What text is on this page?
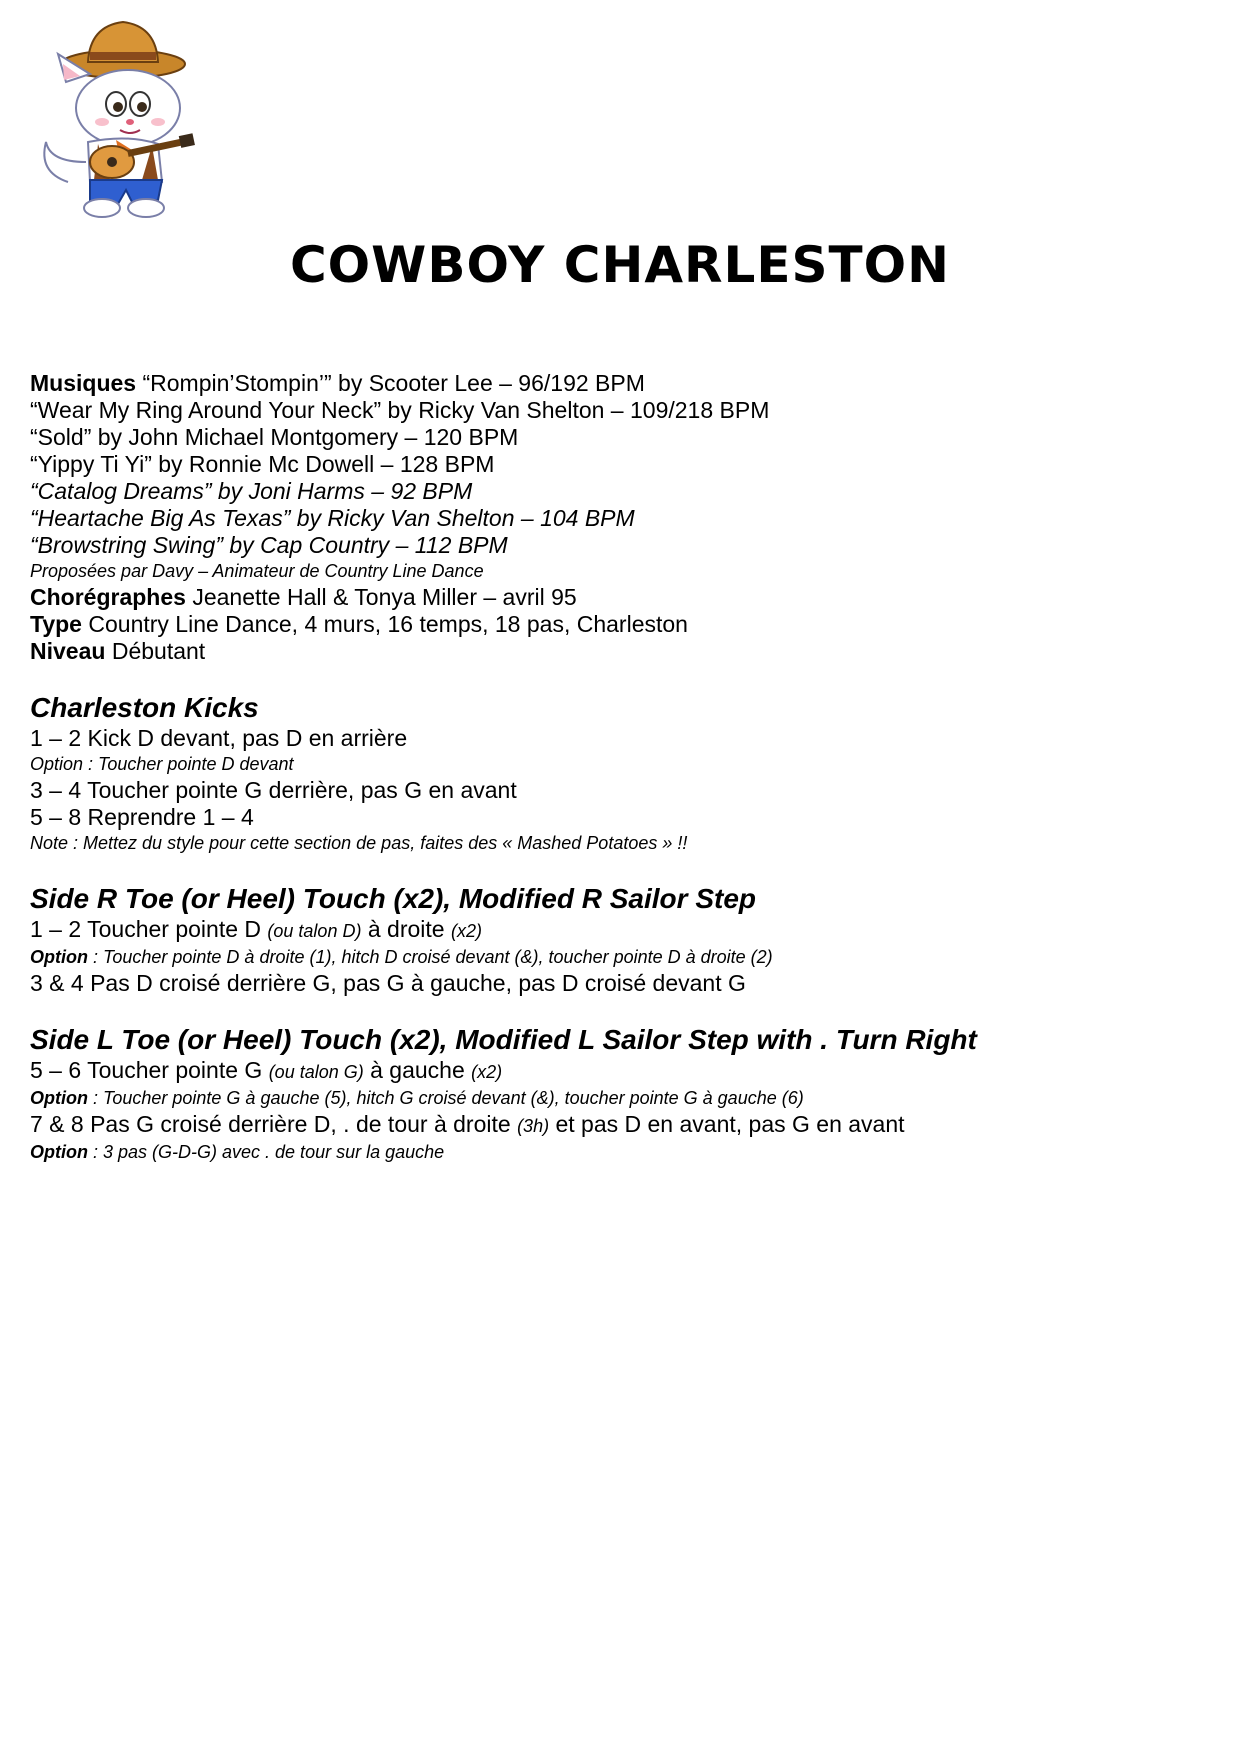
COWBOY CHARLESTON
Musiques “Rompin’Stompin’” by Scooter Lee – 96/192 BPM
“Wear My Ring Around Your Neck” by Ricky Van Shelton – 109/218 BPM
“Sold” by John Michael Montgomery – 120 BPM
“Yippy Ti Yi” by Ronnie Mc Dowell – 128 BPM
“Catalog Dreams” by Joni Harms – 92 BPM
“Heartache Big As Texas” by Ricky Van Shelton – 104 BPM
“Browstring Swing” by Cap Country – 112 BPM
Proposées par Davy – Animateur de Country Line Dance
Chorégraphes Jeanette Hall & Tonya Miller – avril 95
Type Country Line Dance, 4 murs, 16 temps, 18 pas, Charleston
Niveau Débutant
Charleston Kicks
1 – 2 Kick D devant, pas D en arrière
Option : Toucher pointe D devant
3 – 4 Toucher pointe G derrière, pas G en avant
5 – 8 Reprendre 1 – 4
Note : Mettez du style pour cette section de pas, faites des « Mashed Potatoes » !!
Side R Toe (or Heel) Touch (x2), Modified R Sailor Step
1 – 2 Toucher pointe D (ou talon D) à droite (x2)
Option : Toucher pointe D à droite (1), hitch D croisé devant (&), toucher pointe D à droite (2)
3 & 4 Pas D croisé derrière G, pas G à gauche, pas D croisé devant G
Side L Toe (or Heel) Touch (x2), Modified L Sailor Step with . Turn Right
5 – 6 Toucher pointe G (ou talon G) à gauche (x2)
Option : Toucher pointe G à gauche (5), hitch G croisé devant (&), toucher pointe G à gauche (6)
7 & 8 Pas G croisé derrière D, . de tour à droite (3h) et pas D en avant, pas G en avant
Option : 3 pas (G-D-G) avec . de tour sur la gauche
